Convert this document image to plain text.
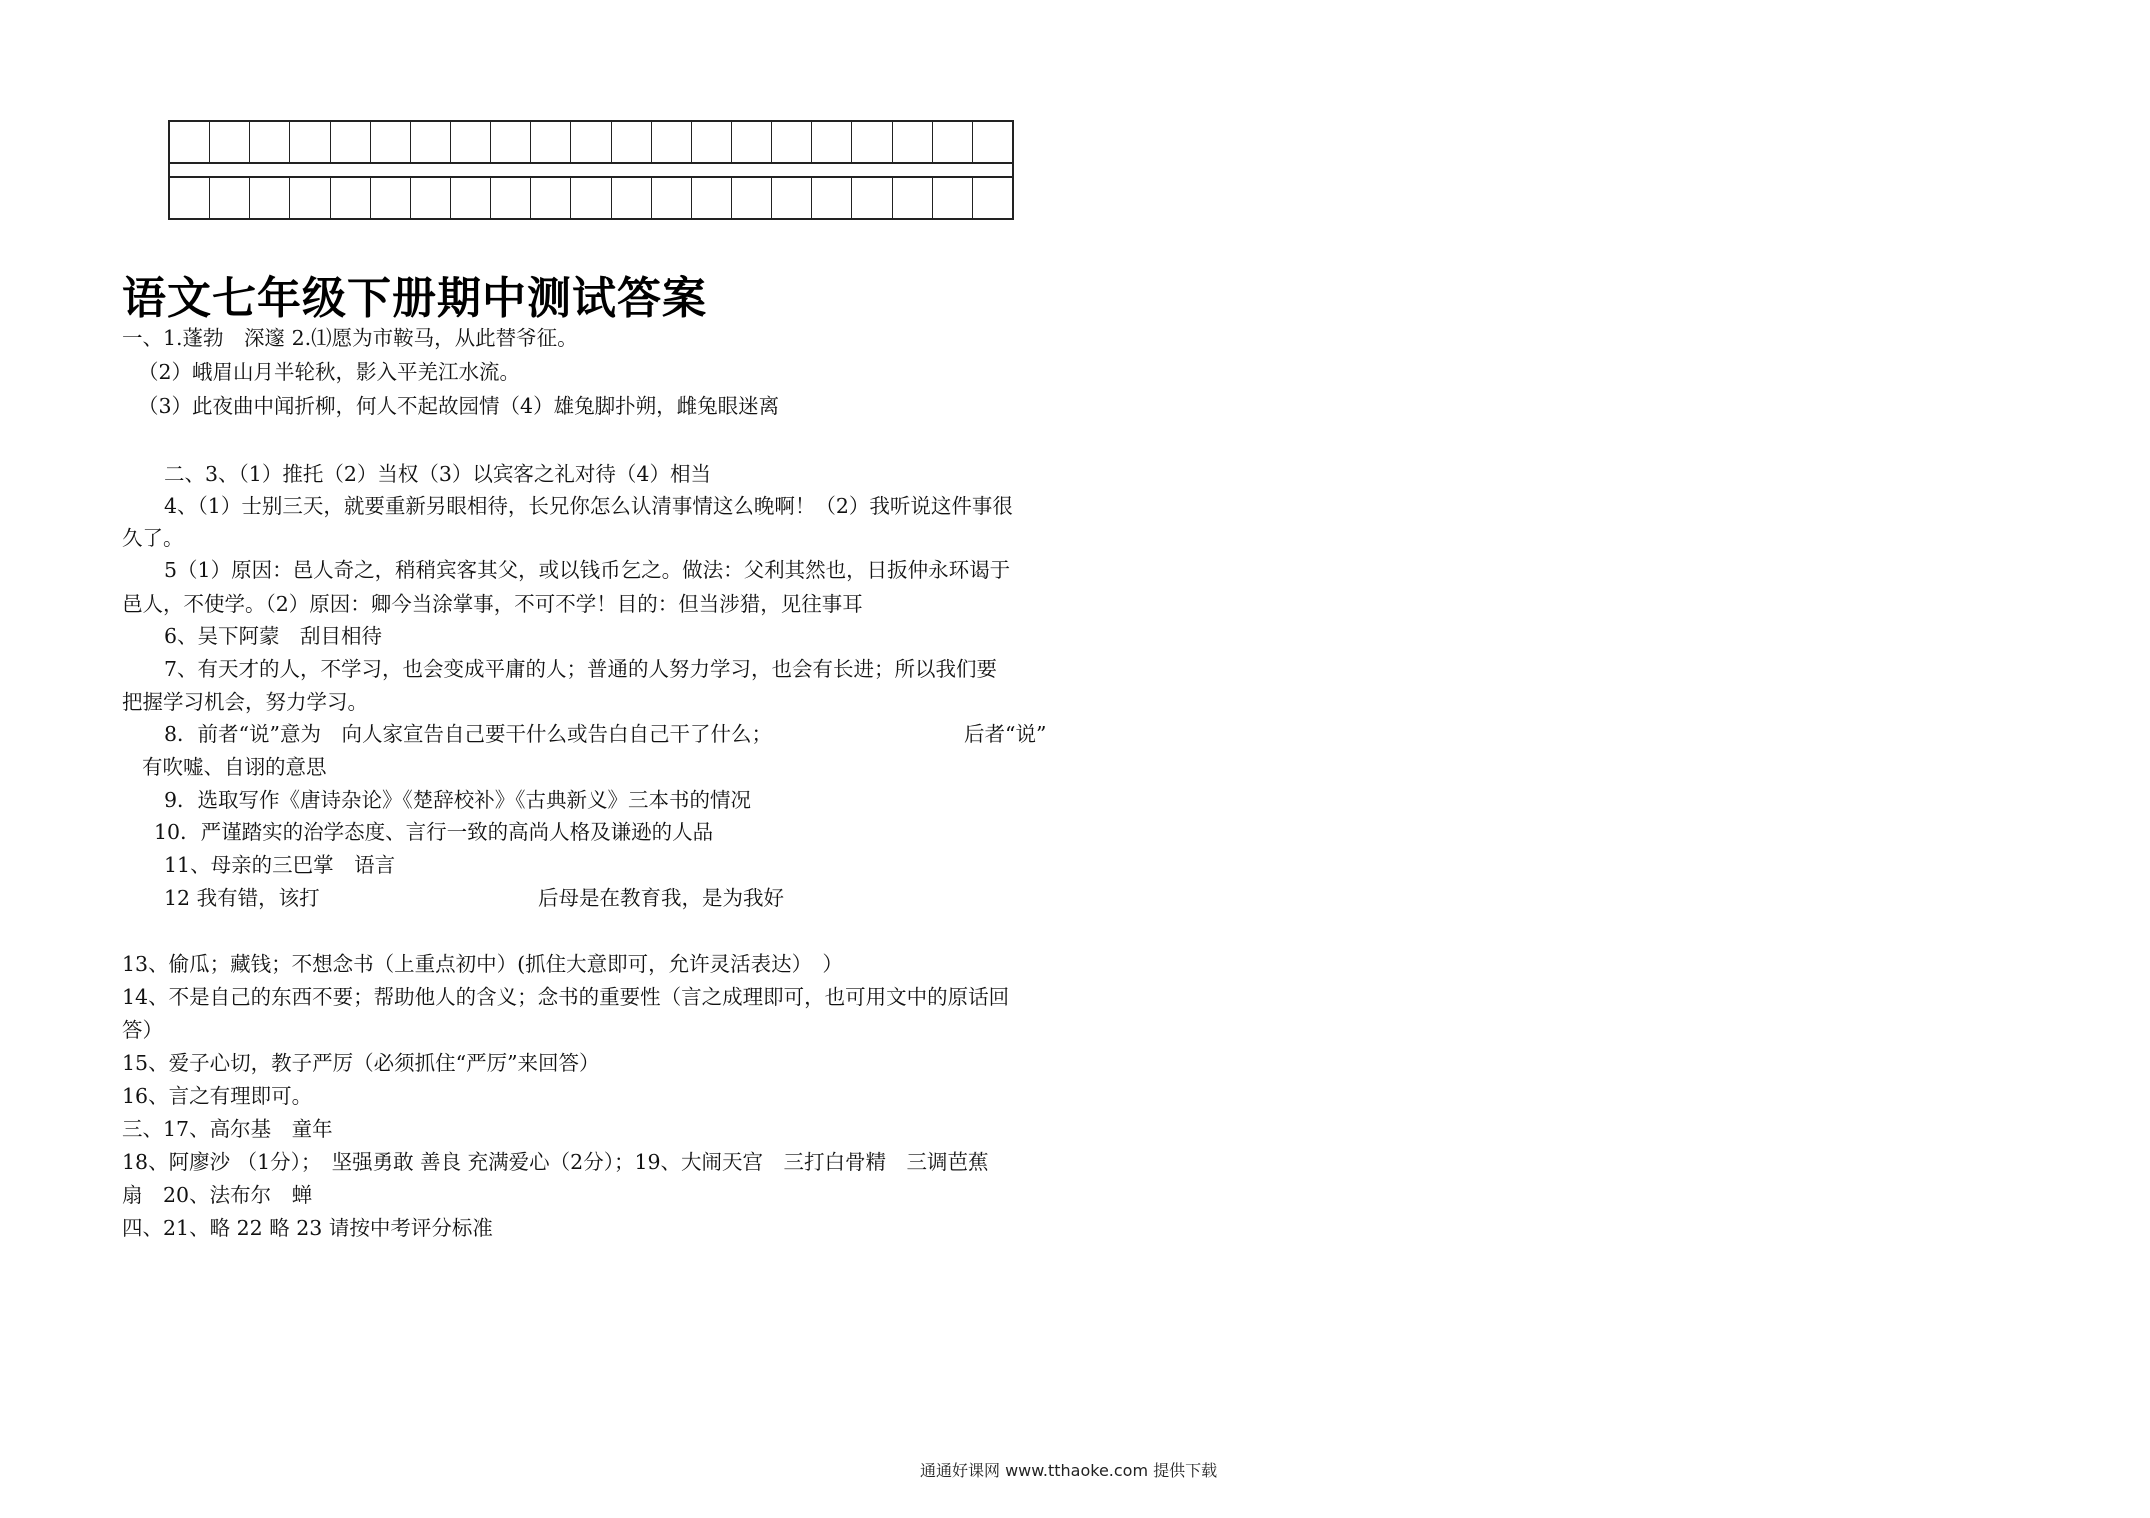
语文七年级下册期中测试答案
一、1.蓬勃　深邃 2.⑴愿为市鞍马，从此替爷征。
（2）峨眉山月半轮秋，影入平羌江水流。
（3）此夜曲中闻折柳，何人不起故园情（4）雄兔脚扑朔，雌兔眼迷离
二、3、（1）推托（2）当权（3）以宾客之礼对待（4）相当
4、（1）士别三天，就要重新另眼相待，长兄你怎么认清事情这么晚啊！（2）我听说这件事很
久了。
5（1）原因：邑人奇之，稍稍宾客其父，或以钱币乞之。做法：父利其然也，日扳仲永环谒于
邑人，不使学。（2）原因：卿今当涂掌事，不可不学！目的：但当涉猎，见往事耳
6、吴下阿蒙　刮目相待
7、有天才的人，不学习，也会变成平庸的人；普通的人努力学习，也会有长进；所以我们要
把握学习机会，努力学习。
8．前者“说”意为　向人家宣告自己要干什么或告白自己干了什么；	后者“说”
有吹嘘、自诩的意思
9．选取写作《唐诗杂论》《楚辞校补》《古典新义》三本书的情况
10．严谨踏实的治学态度、言行一致的高尚人格及谦逊的人品
11、母亲的三巴掌　语言
12 我有错，该打	后母是在教育我，是为我好
13、偷瓜；藏钱；不想念书（上重点初中）(抓住大意即可，允许灵活表达）　）
14、不是自己的东西不要；帮助他人的含义；念书的重要性（言之成理即可，也可用文中的原话回
答）
15、爱子心切，教子严厉（必须抓住“严厉”来回答）
16、言之有理即可。
三、17、高尔基　童年
18、阿廖沙 （1分）；　坚强勇敢 善良 充满爱心（2分）；19、大闹天宫　三打白骨精　三调芭蕉
扇　20、法布尔　蝉
四、21、略 22 略 23 请按中考评分标准
通通好课网 www.tthaoke.com 提供下载
